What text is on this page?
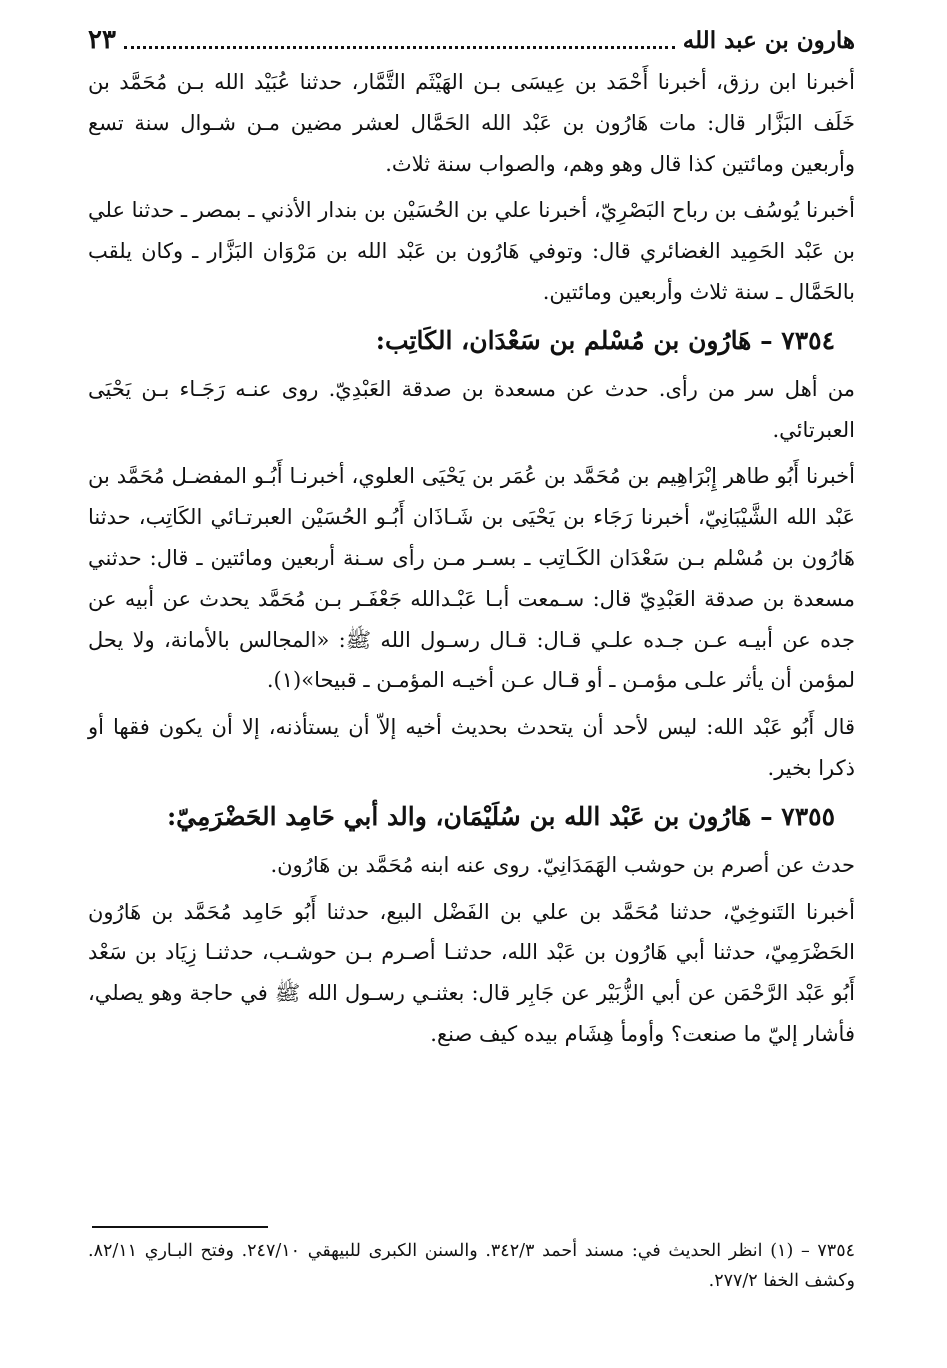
هارون بن عبد الله
٢٣

أخبرنا ابن رزق، أخبرنا أَحْمَد بن عِيسَى بـن الهَيْثَم التَّمَّار، حدثنا عُبَيْد الله بـن مُحَمَّد بن خَلَف البَزَّار قال: مات هَارُون بن عَبْد الله الحَمَّال لعشر مضين مـن شـوال سنة تسع وأربعين ومائتين كذا قال وهو وهم، والصواب سنة ثلاث.

أخبرنا يُوسُف بن رباح البَصْرِيّ، أخبرنا علي بن الحُسَيْن بن بندار الأذني ـ بمصر ـ حدثنا علي بن عَبْد الحَمِيد الغضائري قال: وتوفي هَارُون بن عَبْد الله بن مَرْوَان البَزَّار ـ وكان يلقب بالحَمَّال ـ سنة ثلاث وأربعين ومائتين.

٧٣٥٤ – هَارُون بن مُسْلم بن سَعْدَان، الكَاتِب:

من أهل سر من رأى. حدث عن مسعدة بن صدقة العَبْدِيّ. روى عنـه رَجَـاء بـن يَحْيَى العبرتائي.

أخبرنا أَبُو طاهر إِبْرَاهِيم بن مُحَمَّد بن عُمَر بن يَحْيَى العلوي، أخبرنـا أَبُـو المفضـل مُحَمَّد بن عَبْد الله الشَّيْبَانِيّ، أخبرنا رَجَاء بن يَحْيَى بن شَـاذَان أَبُـو الحُسَيْن العبرتـائي الكَاتِب، حدثنا هَارُون بن مُسْلم بـن سَعْدَان الكَـاتِب ـ بسـر مـن رأى سـنة أربعين ومائتين ـ قال: حدثني مسعدة بن صدقة العَبْدِيّ قال: سـمعت أبـا عَبْـدالله جَعْفَـر بـن مُحَمَّد يحدث عن أبيه عن جده عن أبيـه عـن جـده علـي قـال: قـال رسـول الله ﷺ: «المجالس بالأمانة، ولا يحل لمؤمن أن يأثر علـى مؤمـن ـ أو قـال عـن أخيـه المؤمـن ـ قبيحا»(١).

قال أَبُو عَبْد الله: ليس لأحد أن يتحدث بحديث أخيه إلاّ أن يستأذنه، إلا أن يكون فقها أو ذكرا بخير.

٧٣٥٥ – هَارُون بن عَبْد الله بن سُلَيْمَان، والد أبي حَامِد الحَضْرَمِيّ:

حدث عن أصرم بن حوشب الهَمَدَانِيّ. روى عنه ابنه مُحَمَّد بن هَارُون.

أخبرنا التَنوخِيّ، حدثنا مُحَمَّد بن علي بن الفَضْل البيع، حدثنا أَبُو حَامِد مُحَمَّد بن هَارُون الحَضْرَمِيّ، حدثنا أبي هَارُون بن عَبْد الله، حدثنـا أصـرم بـن حوشـب، حدثنـا زِيَاد بن سَعْد أَبُو عَبْد الرَّحْمَن عن أبي الزُّبَيْر عن جَابِر قال: بعثنـي رسـول الله ﷺ في حاجة وهو يصلي، فأشار إليّ ما صنعت؟ وأومأ هِشَام بيده كيف صنع.

٧٣٥٤ – (١) انظر الحديث في: مسند أحمد ٣٤٢/٣. والسنن الكبرى للبيهقي ٢٤٧/١٠. وفتح البـاري ٨٢/١١. وكشف الخفا ٢٧٧/٢.
